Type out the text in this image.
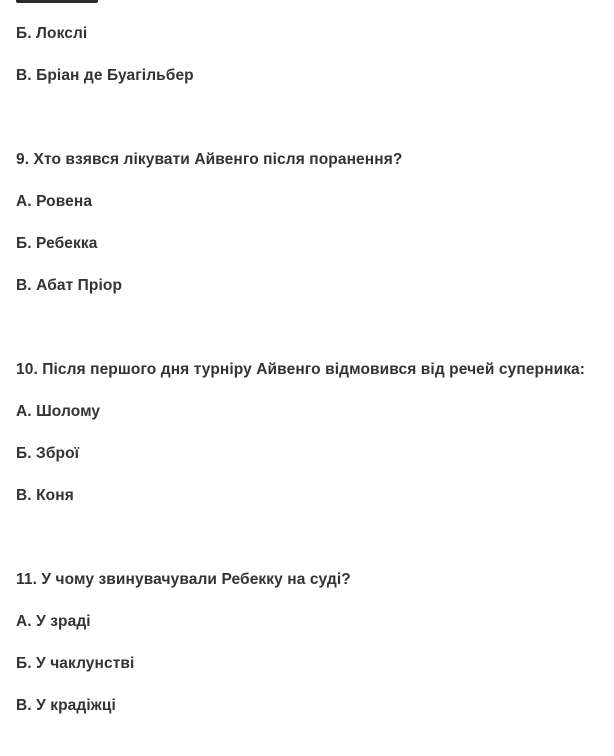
Б. Локслі
В. Бріан де Буагільбер
9. Хто взявся лікувати Айвенго після поранення?
А. Ровена
Б. Ребекка
В. Абат Пріор
10. Після першого дня турніру Айвенго відмовився від речей суперника:
А. Шолому
Б. Зброї
В. Коня
11. У чому звинувачували Ребекку на суді?
А. У зраді
Б. У чаклунстві
В. У крадіжці
